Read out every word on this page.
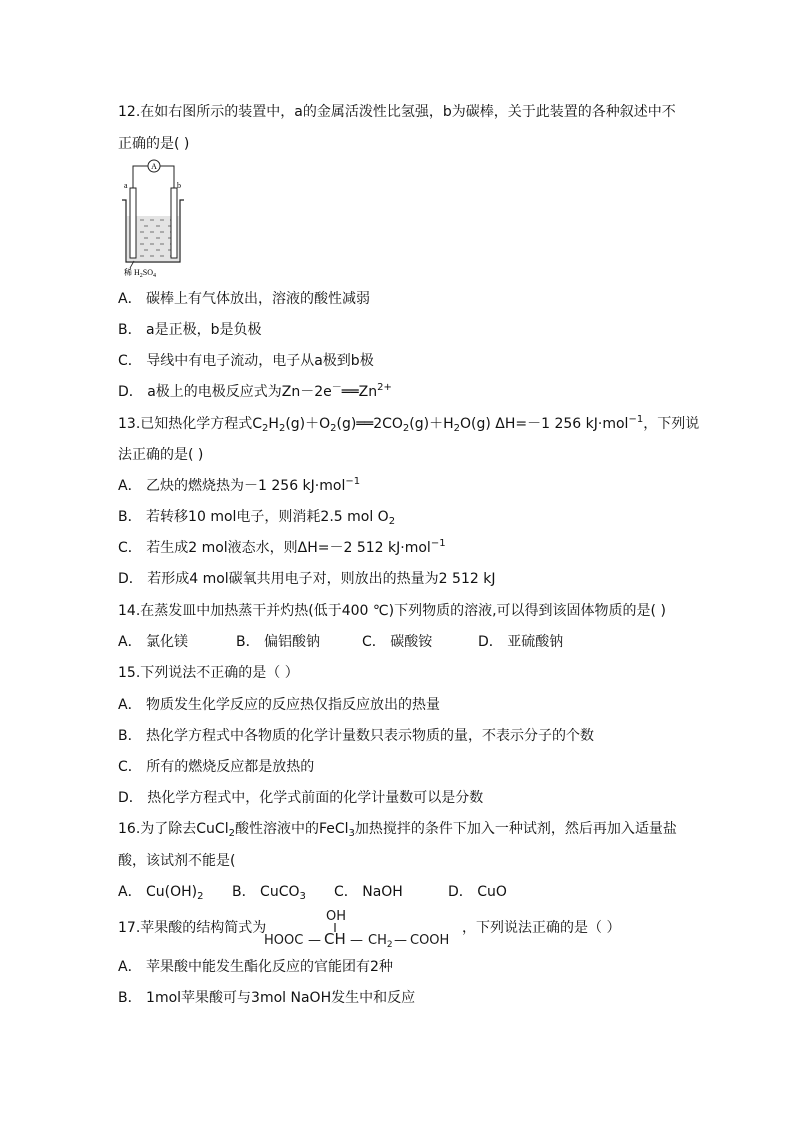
12.在如右图所示的装置中，a的金属活泼性比氢强，b为碳棒，关于此装置的各种叙述中不
正确的是( )
A
a	b
稀 $H_2SO_4$
A． 碳棒上有气体放出，溶液的酸性减弱
B． a是正极，b是负极
C． 导线中有电子流动，电子从a极到b极
D． a极上的电极反应式为$Zn-2e^-══Zn^{2+}$
13.已知热化学方程式$C_2H_2(g)+O_2(g)══2CO_2(g)+H_2O(g)$ ΔH=－1 256 kJ·mol$^{-1}$，下列说
法正确的是( )
A． 乙炔的燃烧热为－1 256 kJ·mol$^{-1}$
B． 若转移10 mol电子，则消耗2.5 mol $O_2$
C． 若生成2 mol液态水，则ΔH=－2 512 kJ·mol$^{-1}$
D． 若形成4 mol碳氧共用电子对，则放出的热量为2 512 kJ
14.在蒸发皿中加热蒸干并灼热(低于400 ℃)下列物质的溶液,可以得到该固体物质的是( )
A． 氯化镁	B． 偏铝酸钠	C． 碳酸铵	D． 亚硫酸钠
15.下列说法不正确的是（ ）
A． 物质发生化学反应的反应热仅指反应放出的热量
B． 热化学方程式中各物质的化学计量数只表示物质的量，不表示分子的个数
C． 所有的燃烧反应都是放热的
D． 热化学方程式中，化学式前面的化学计量数可以是分数
16.为了除去CuCl$_2$酸性溶液中的FeCl$_3$加热搅拌的条件下加入一种试剂，然后再加入适量盐
酸，该试剂不能是(
A． $Cu(OH)_2$ B． CuCO$_3$ C． NaOH	D． CuO
17.苹果酸的结构简式为
OH
HOOC — CH — $CH_2$ — COOH
，下列说法正确的是（ ）
A． 苹果酸中能发生酯化反应的官能团有2种
B． 1mol苹果酸可与3mol NaOH发生中和反应
